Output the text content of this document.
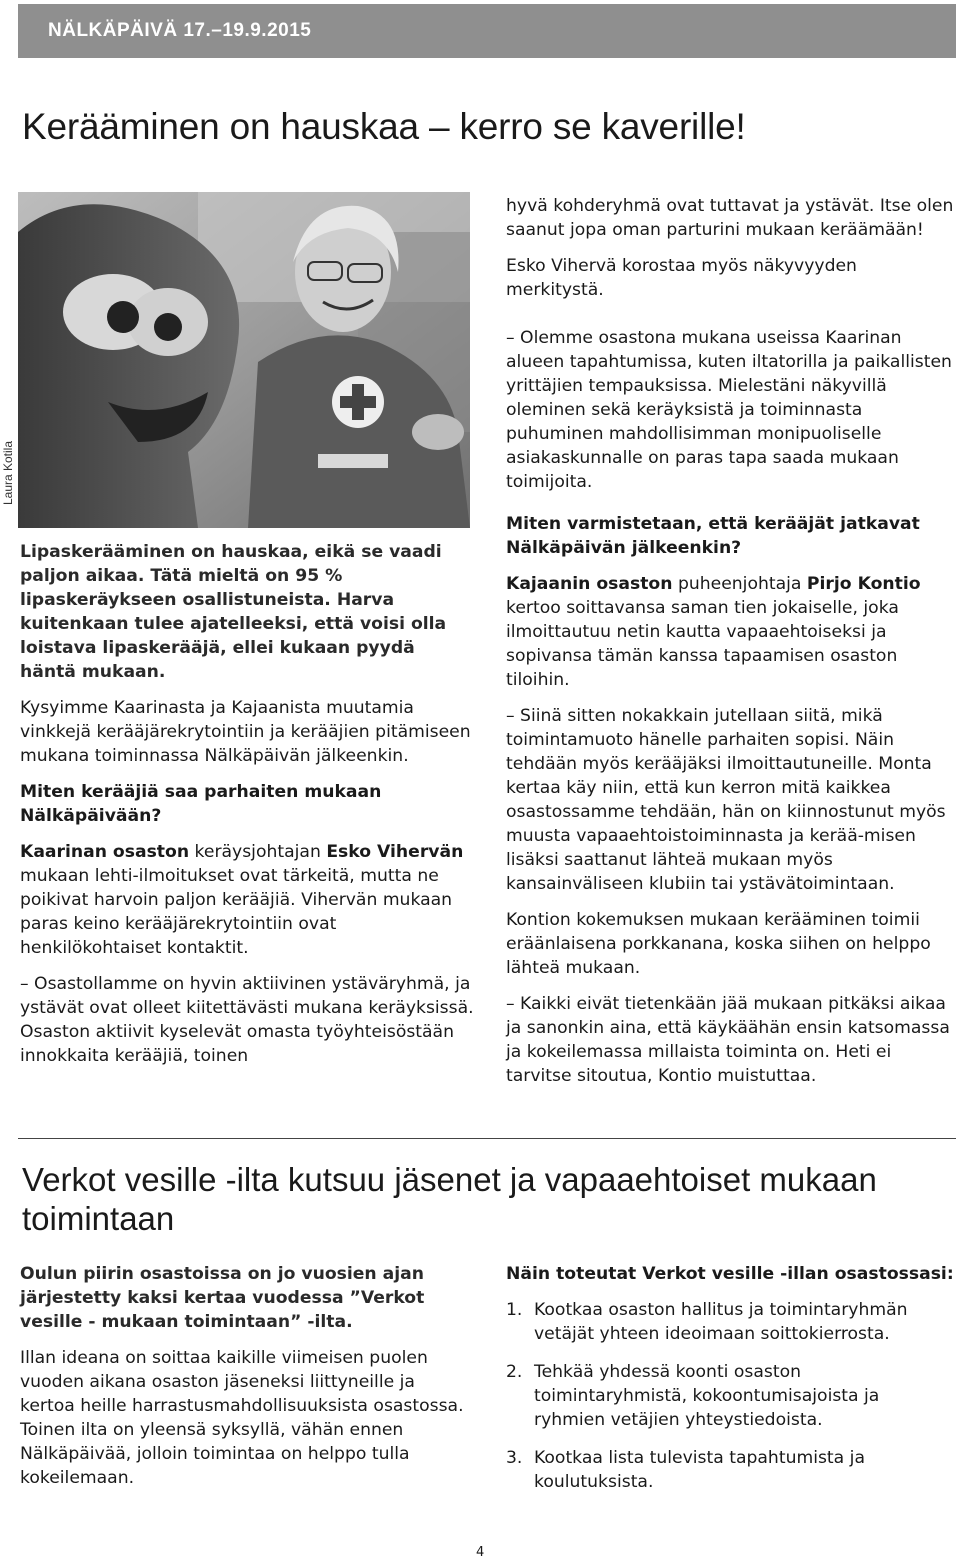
NÄLKÄPÄIVÄ 17.–19.9.2015
Kerääminen on hauskaa – kerro se kaverille!
Laura Kotila

Lipaskerääminen on hauskaa, eikä se vaadi paljon aikaa. Tätä mieltä on 95 % lipaskeräykseen osallistuneista. Harva kuitenkaan tulee ajatelleeksi, että voisi olla loistava lipaskerääjä, ellei kukaan pyydä häntä mukaan.

Kysyimme Kaarinasta ja Kajaanista muutamia vinkkejä kerääjärekrytointiin ja kerääjien pitämiseen mukana toiminnassa Nälkäpäivän jälkeenkin.

Miten kerääjiä saa parhaiten mukaan Nälkäpäivään?

Kaarinan osaston keräysjohtajan Esko Vihervän mukaan lehti-ilmoitukset ovat tärkeitä, mutta ne poikivat harvoin paljon kerääjiä. Vihervän mukaan paras keino kerääjärekrytointiin ovat henkilökohtaiset kontaktit.

– Osastollamme on hyvin aktiivinen ystäväryhmä, ja ystävät ovat olleet kiitettävästi mukana keräyksissä. Osaston aktiivit kyselevät omasta työyhteisöstään innokkaita kerääjiä, toinen

hyvä kohderyhmä ovat tuttavat ja ystävät. Itse olen saanut jopa oman parturini mukaan keräämään!

Esko Vihervä korostaa myös näkyvyyden merkitystä.

– Olemme osastona mukana useissa Kaarinan alueen tapahtumissa, kuten iltatorilla ja paikallisten yrittäjien tempauksissa. Mielestäni näkyvillä oleminen sekä keräyksistä ja toiminnasta puhuminen mahdollisimman monipuoliselle asiakaskunnalle on paras tapa saada mukaan toimijoita.

Miten varmistetaan, että kerääjät jatkavat Nälkäpäivän jälkeenkin?

Kajaanin osaston puheenjohtaja Pirjo Kontio kertoo soittavansa saman tien jokaiselle, joka ilmoittautuu netin kautta vapaaehtoiseksi ja sopivansa tämän kanssa tapaamisen osaston tiloihin.

– Siinä sitten nokakkain jutellaan siitä, mikä toimintamuoto hänelle parhaiten sopisi. Näin tehdään myös kerääjäksi ilmoittautuneille. Monta kertaa käy niin, että kun kerron mitä kaikkea osastossamme tehdään, hän on kiinnostunut myös muusta vapaaehtoistoiminnasta ja kerää-misen lisäksi saattanut lähteä mukaan myös kansainväliseen klubiin tai ystävätoimintaan.

Kontion kokemuksen mukaan kerääminen toimii eräänlaisena porkkanana, koska siihen on helppo lähteä mukaan.

– Kaikki eivät tietenkään jää mukaan pitkäksi aikaa ja sanonkin aina, että käykäähän ensin katsomassa ja kokeilemassa millaista toiminta on. Heti ei tarvitse sitoutua, Kontio muistuttaa.

Verkot vesille -ilta kutsuu jäsenet ja vapaaehtoiset mukaan toimintaan

Oulun piirin osastoissa on jo vuosien ajan järjestetty kaksi kertaa vuodessa ”Verkot vesille - mukaan toimintaan” -ilta.

Illan ideana on soittaa kaikille viimeisen puolen vuoden aikana osaston jäseneksi liittyneille ja kertoa heille harrastusmahdollisuuksista osastossa. Toinen ilta on yleensä syksyllä, vähän ennen Nälkäpäivää, jolloin toimintaa on helppo tulla kokeilemaan.

Näin toteutat Verkot vesille -illan osastossasi:

1. Kootkaa osaston hallitus ja toimintaryhmän vetäjät yhteen ideoimaan soittokierrosta.
2. Tehkää yhdessä koonti osaston toimintaryhmistä, kokoontumisajoista ja ryhmien vetäjien yhteystiedoista.
3. Kootkaa lista tulevista tapahtumista ja koulutuksista.
4
